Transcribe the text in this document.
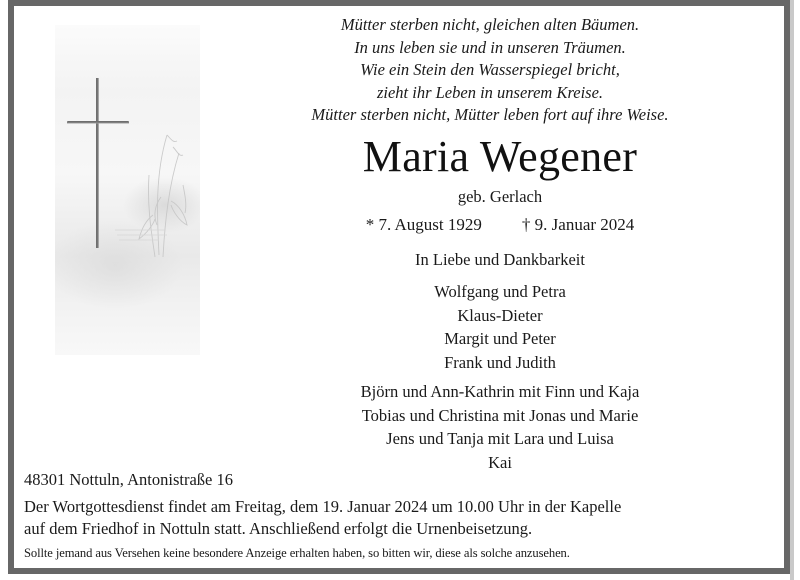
Mütter sterben nicht, gleichen alten Bäumen.
In uns leben sie und in unseren Träumen.
Wie ein Stein den Wasserspiegel bricht,
zieht ihr Leben in unserem Kreise.
Mütter sterben nicht, Mütter leben fort auf ihre Weise.
Maria Wegener
geb. Gerlach
* 7. August 1929 † 9. Januar 2024
In Liebe und Dankbarkeit
Wolfgang und Petra
Klaus-Dieter
Margit und Peter
Frank und Judith
Björn und Ann-Kathrin mit Finn und Kaja
Tobias und Christina mit Jonas und Marie
Jens und Tanja mit Lara und Luisa
Kai
48301 Nottuln, Antonistraße 16
Der Wortgottesdienst findet am Freitag, dem 19. Januar 2024 um 10.00 Uhr in der Kapelle
auf dem Friedhof in Nottuln statt. Anschließend erfolgt die Urnenbeisetzung.
Sollte jemand aus Versehen keine besondere Anzeige erhalten haben, so bitten wir, diese als solche anzusehen.
